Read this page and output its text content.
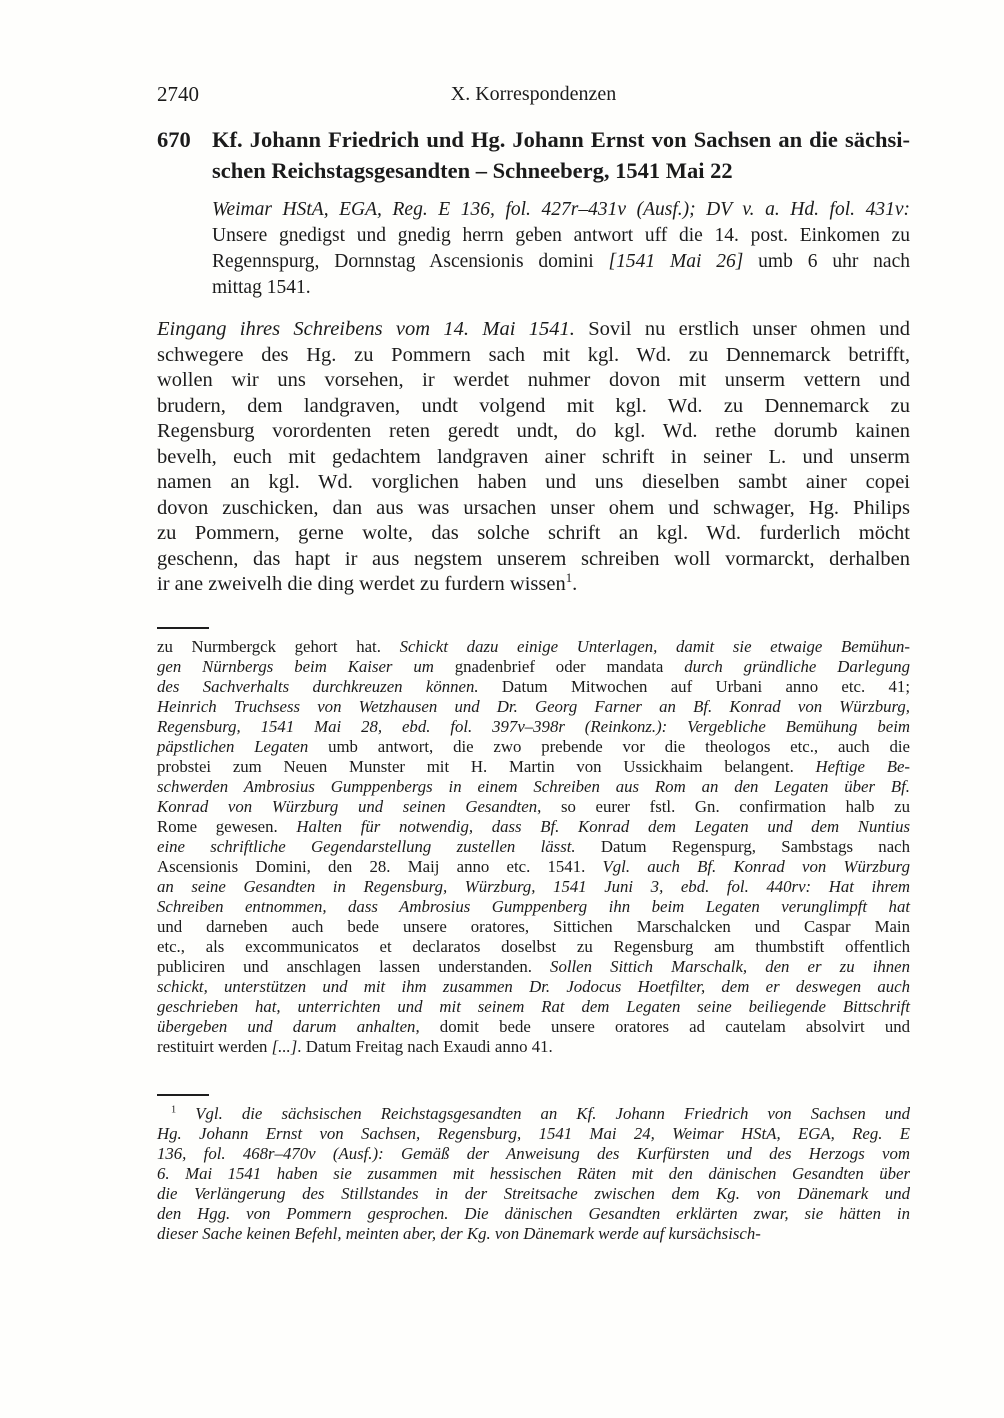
2740	X. Korrespondenzen
670 Kf. Johann Friedrich und Hg. Johann Ernst von Sachsen an die sächsi-
schen Reichstagsgesandten – Schneeberg, 1541 Mai 22
Weimar HStA, EGA, Reg. E 136, fol. 427r–431v (Ausf.); DV v. a. Hd. fol. 431v:
Unsere gnedigst und gnedig herrn geben antwort uff die 14. post. Einkomen zu
Regennspurg, Dornnstag Ascensionis domini [1541 Mai 26] umb 6 uhr nach
mittag 1541.
Eingang ihres Schreibens vom 14. Mai 1541. Sovil nu erstlich unser ohmen und
schwegere des Hg. zu Pommern sach mit kgl. Wd. zu Dennemarck betrifft,
wollen wir uns vorsehen, ir werdet nuhmer dovon mit unserm vettern und
brudern, dem landgraven, undt volgend mit kgl. Wd. zu Dennemarck zu
Regensburg vorordenten reten geredt undt, do kgl. Wd. rethe dorumb kainen
bevelh, euch mit gedachtem landgraven ainer schrift in seiner L. und unserm
namen an kgl. Wd. vorglichen haben und uns dieselben sambt ainer copei
dovon zuschicken, dan aus was ursachen unser ohem und schwager, Hg. Philips
zu Pommern, gerne wolte, das solche schrift an kgl. Wd. furderlich möcht
geschenn, das hapt ir aus negstem unserem schreiben woll vormarckt, derhalben
ir ane zweivelh die ding werdet zu furdern wissen$^1$.
zu Nurmbergck gehort hat. Schickt dazu einige Unterlagen, damit sie etwaige Bemühun-
gen Nürnbergs beim Kaiser um gnadenbrief oder mandata durch gründliche Darlegung
des Sachverhalts durchkreuzen können. Datum Mitwochen auf Urbani anno etc. 41;
Heinrich Truchsess von Wetzhausen und Dr. Georg Farner an Bf. Konrad von Würzburg,
Regensburg, 1541 Mai 28, ebd. fol. 397v–398r (Reinkonz.): Vergebliche Bemühung beim
päpstlichen Legaten umb antwort, die zwo prebende vor die theologos etc., auch die
probstei zum Neuen Munster mit H. Martin von Ussickhaim belangent. Heftige Be-
schwerden Ambrosius Gumppenbergs in einem Schreiben aus Rom an den Legaten über Bf.
Konrad von Würzburg und seinen Gesandten, so eurer fstl. Gn. confirmation halb zu
Rome gewesen. Halten für notwendig, dass Bf. Konrad dem Legaten und dem Nuntius
eine schriftliche Gegendarstellung zustellen lässt. Datum Regenspurg, Sambstags nach
Ascensionis Domini, den 28. Maij anno etc. 1541. Vgl. auch Bf. Konrad von Würzburg
an seine Gesandten in Regensburg, Würzburg, 1541 Juni 3, ebd. fol. 440rv: Hat ihrem
Schreiben entnommen, dass Ambrosius Gumppenberg ihn beim Legaten verunglimpft hat
und darneben auch bede unsere oratores, Sittichen Marschalcken und Caspar Main
etc., als excommunicatos et declaratos doselbst zu Regensburg am thumbstift offentlich
publiciren und anschlagen lassen understanden. Sollen Sittich Marschalk, den er zu ihnen
schickt, unterstützen und mit ihm zusammen Dr. Jodocus Hoetfilter, dem er deswegen auch
geschrieben hat, unterrichten und mit seinem Rat dem Legaten seine beiliegende Bittschrift
übergeben und darum anhalten, domit bede unsere oratores ad cautelam absolvirt und
restituirt werden [...]. Datum Freitag nach Exaudi anno 41.
$^1$ Vgl. die sächsischen Reichstagsgesandten an Kf. Johann Friedrich von Sachsen und
Hg. Johann Ernst von Sachsen, Regensburg, 1541 Mai 24, Weimar HStA, EGA, Reg. E
136, fol. 468r–470v (Ausf.): Gemäß der Anweisung des Kurfürsten und des Herzogs vom
6. Mai 1541 haben sie zusammen mit hessischen Räten mit den dänischen Gesandten über
die Verlängerung des Stillstandes in der Streitsache zwischen dem Kg. von Dänemark und
den Hgg. von Pommern gesprochen. Die dänischen Gesandten erklärten zwar, sie hätten in
dieser Sache keinen Befehl, meinten aber, der Kg. von Dänemark werde auf kursächsisch-
